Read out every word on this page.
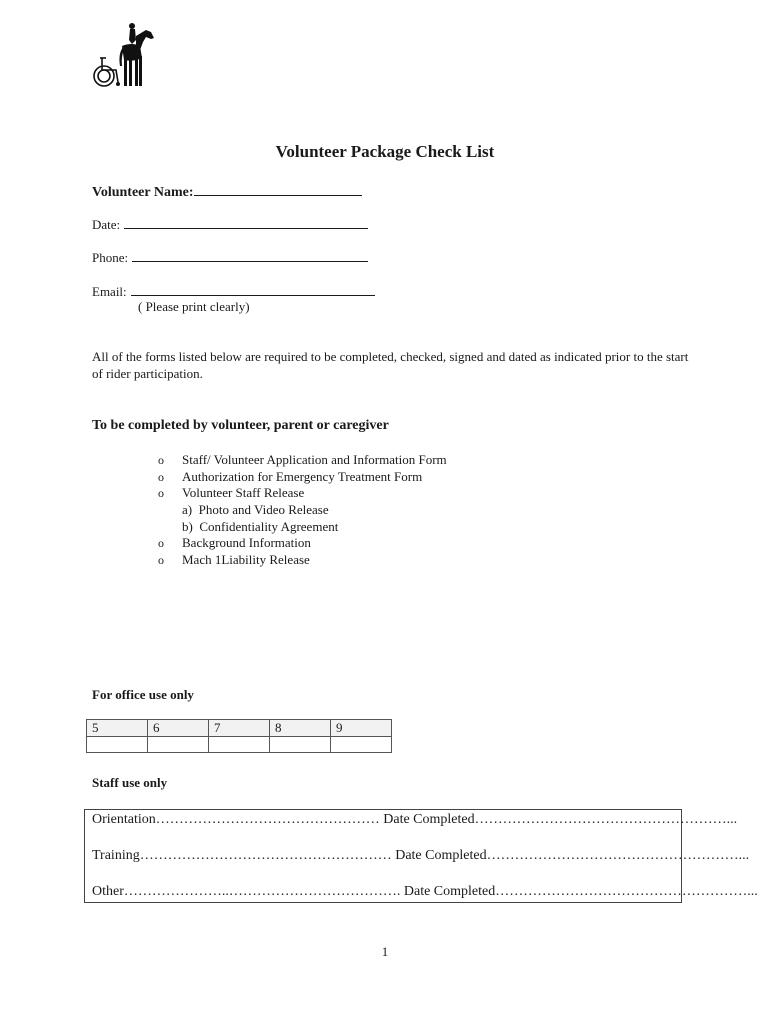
Volunteer Package Check List
Volunteer Name:
Date:
Phone:
Email:
( Please print clearly)
All of the forms listed below are required to be completed, checked, signed and dated as indicated prior to the start of rider participation.
To be completed by volunteer, parent or caregiver
o Staff/ Volunteer Application and Information Form
o Authorization for Emergency Treatment Form
o Volunteer Staff Release
a)  Photo and Video Release
b)  Confidentiality Agreement
o Background Information
o Mach 1Liability Release
For office use only
5	6	7	8	9

Staff use only
Orientation………………………………………… Date Completed………………………………………………...
Training……………………………………………… Date Completed………………………………………………...
Other…………………..………………………………. Date Completed………………………………………………...
1
